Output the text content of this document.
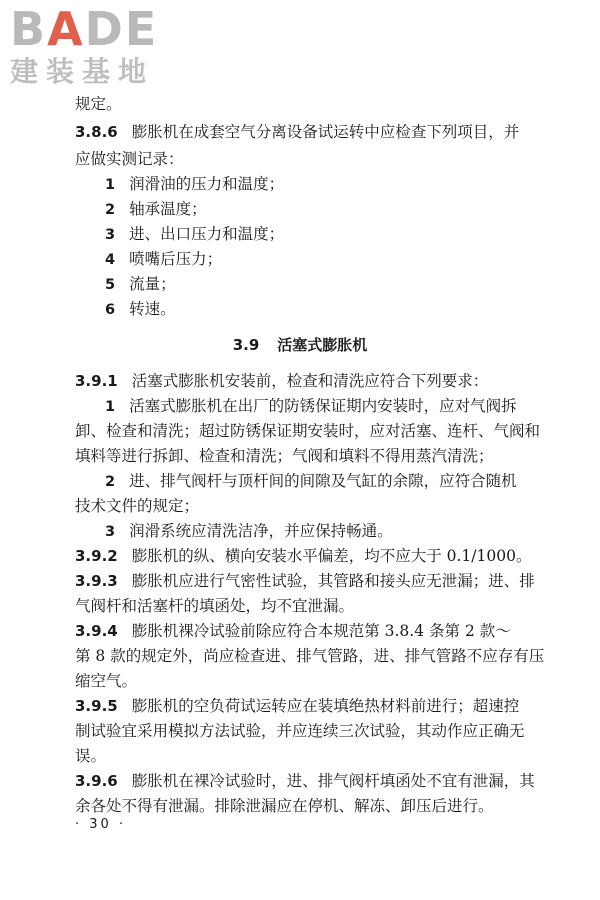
BADE
建装基地
规定。
3.8.6 膨胀机在成套空气分离设备试运转中应检查下列项目，并
应做实测记录：
1 润滑油的压力和温度；
2 轴承温度；
3 进、出口压力和温度；
4 喷嘴后压力；
5 流量；
6 转速。
3.9 活塞式膨胀机
3.9.1 活塞式膨胀机安装前，检查和清洗应符合下列要求：
1 活塞式膨胀机在出厂的防锈保证期内安装时，应对气阀拆
卸、检查和清洗；超过防锈保证期安装时，应对活塞、连杆、气阀和
填料等进行拆卸、检查和清洗；气阀和填料不得用蒸汽清洗；
2 进、排气阀杆与顶杆间的间隙及气缸的余隙，应符合随机
技术文件的规定；
3 润滑系统应清洗洁净，并应保持畅通。
3.9.2 膨胀机的纵、横向安装水平偏差，均不应大于 0.1/1000。
3.9.3 膨胀机应进行气密性试验，其管路和接头应无泄漏；进、排
气阀杆和活塞杆的填函处，均不宜泄漏。
3.9.4 膨胀机裸冷试验前除应符合本规范第 3.8.4 条第 2 款～
第 8 款的规定外，尚应检查进、排气管路，进、排气管路不应存有压
缩空气。
3.9.5 膨胀机的空负荷试运转应在装填绝热材料前进行；超速控
制试验宜采用模拟方法试验，并应连续三次试验，其动作应正确无
误。
3.9.6 膨胀机在裸冷试验时，进、排气阀杆填函处不宜有泄漏，其
余各处不得有泄漏。排除泄漏应在停机、解冻、卸压后进行。
· 30 ·
